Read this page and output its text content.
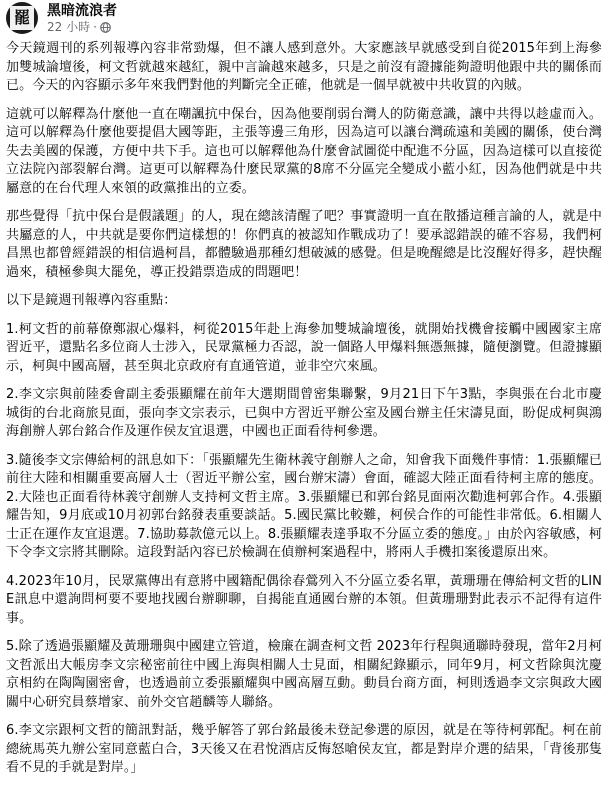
罷 黑暗流浪者
22 小時 ·

今天鏡週刊的系列報導內容非常勁爆，但不讓人感到意外。大家應該早就感受到自從2015年到上海參加雙城論壇後，柯文哲就越來越紅，親中言論越來越多，只是之前沒有證據能夠證明他跟中共的關係而已。今天的內容顯示多年來我們對他的判斷完全正確，他就是一個早就被中共收買的內賊。

這就可以解釋為什麼他一直在嘲諷抗中保台，因為他要削弱台灣人的防衛意識，讓中共得以趁虛而入。這可以解釋為什麼他要提倡大國等距，主張等邊三角形，因為這可以讓台灣疏遠和美國的關係，使台灣失去美國的保護，方便中共下手。這也可以解釋他為什麼會試圖從中配進不分區，因為這樣可以直接從立法院內部裂解台灣。這更可以解釋為什麼民眾黨的8席不分區完全變成小藍小紅，因為他們就是中共屬意的在台代理人來領的政黨推出的立委。

那些覺得「抗中保台是假議題」的人，現在總該清醒了吧？事實證明一直在散播這種言論的人，就是中共屬意的人，中共就是要你們這樣想的！你們真的被認知作戰成功了！要承認錯誤的確不容易，我們柯昌黑也都曾經錯誤的相信過柯昌，都體驗過那種幻想破滅的感覺。但是晚醒總是比沒醒好得多，趕快醒過來，積極參與大罷免，導正投錯票造成的問題吧！

以下是鏡週刊報導內容重點：

1.柯文哲的前幕僚鄭淑心爆料，柯從2015年赴上海參加雙城論壇後，就開始找機會接觸中國國家主席習近平，還點名多位商人士涉入，民眾黨極力否認，說一個路人甲爆料無憑無據，隨便瀏覽。但證據顯示，柯與中國高層，甚至與北京政府有直通管道，並非空穴來風。

2.李文宗與前陸委會副主委張顯耀在前年大選期間曾密集聯繫，9月21日下午3點，李與張在台北市慶城街的台北商旅見面，張向李文宗表示，已與中方習近平辦公室及國台辦主任宋濤見面，盼促成柯與鴻海創辦人郭台銘合作及運作侯友宜退選，中國也正面看待柯參選。

3.隨後李文宗傳給柯的訊息如下：「張顯耀先生衛林義守創辦人之命，知會我下面幾件事情：1.張顯耀已前往大陸和相關重要高層人士（習近平辦公室，國台辦宋濤）會面，確認大陸正面看待柯主席的態度。2.大陸也正面看待林義守創辦人支持柯文哲主席。3.張顯耀已和郭台銘見面兩次勸進柯郭合作。4.張顯耀告知，9月底或10月初郭台銘發表重要談話。5.國民黨比較難，柯侯合作的可能性非常低。6.相關人士正在運作友宜退選。7.協助募款億元以上。8.張顯耀表達爭取不分區立委的態度。」由於內容敏感，柯下令李文宗將其刪除。這段對話內容已於檢調在偵辦柯案過程中，將兩人手機扣案後還原出來。

4.2023年10月，民眾黨傳出有意將中國籍配偶徐春鶯列入不分區立委名單，黃珊珊在傳給柯文哲的LINE訊息中還詢問柯要不要地找國台辦聊聊，自揭能直通國台辦的本領。但黃珊珊對此表示不記得有這件事。

5.除了透過張顯耀及黃珊珊與中國建立管道，檢廉在調查柯文哲 2023年行程與通聯時發現，當年2月柯文哲派出大帳房李文宗秘密前往中國上海與相關人士見面，相關紀錄顯示，同年9月，柯文哲除與沈慶京相約在陶陶園密會，也透過前立委張顯耀與中國高層互動。動員台商方面，柯則透過李文宗與政大國關中心研究員蔡增家、前外交官趙麟等人聯絡。

6.李文宗跟柯文哲的簡訊對話，幾乎解答了郭台銘最後未登記參選的原因，就是在等待柯郭配。柯在前總統馬英九辦公室同意藍白合，3天後又在君悅酒店反悔怒嗆侯友宜，都是對岸介選的結果，「背後那隻看不見的手就是對岸。」
